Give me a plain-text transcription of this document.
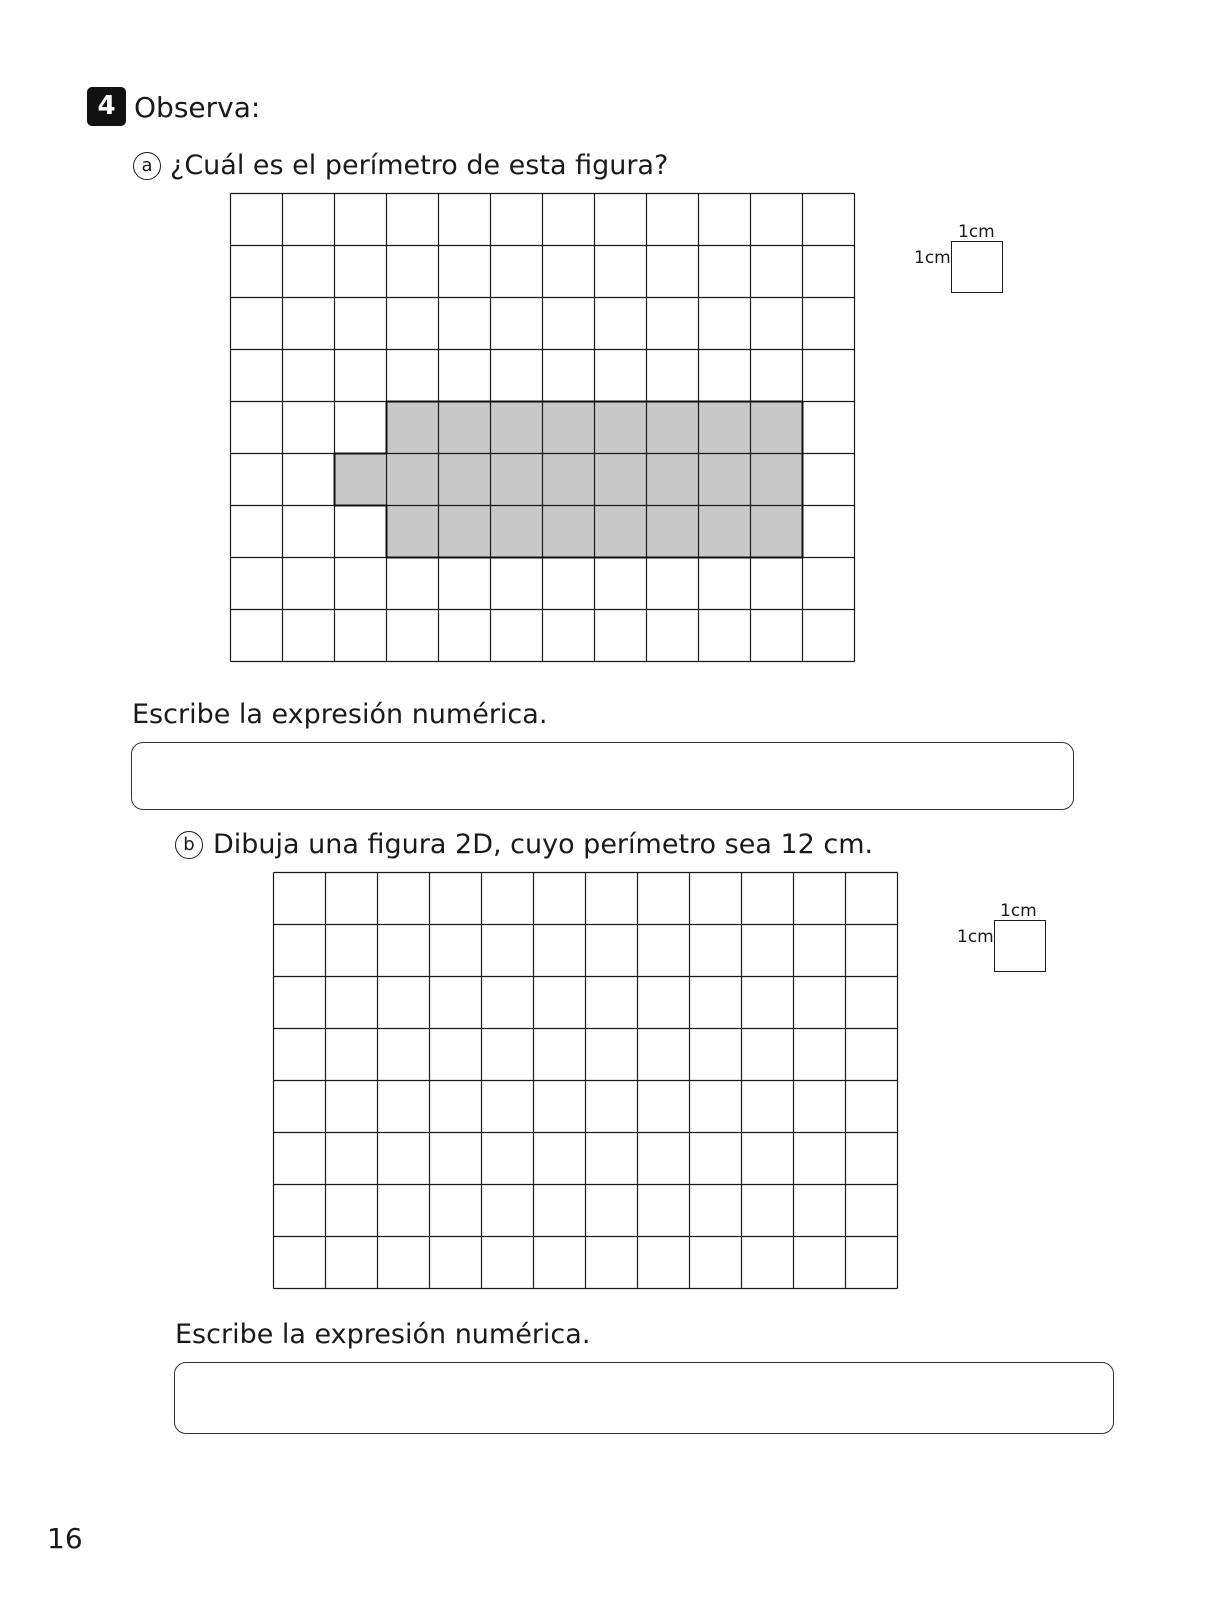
4 Observa:
a ¿Cuál es el perímetro de esta figura?
1cm
1cm
Escribe la expresión numérica.
b Dibuja una figura 2D, cuyo perímetro sea 12 cm.
1cm
1cm
Escribe la expresión numérica.
16
